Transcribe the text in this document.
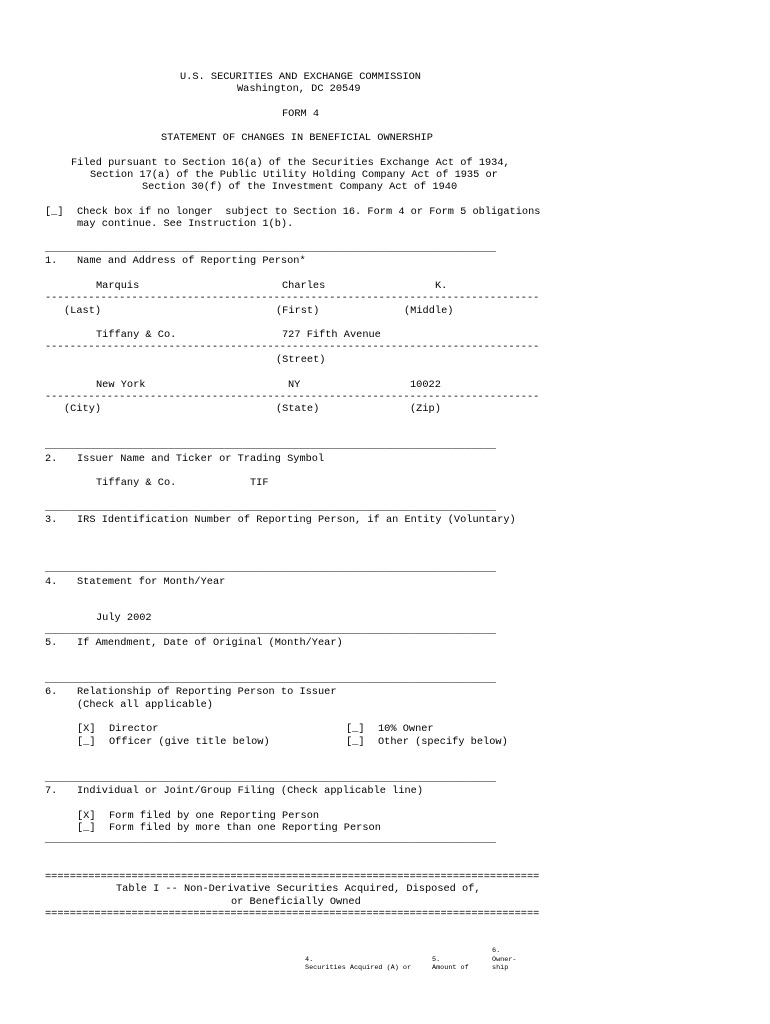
U.S. SECURITIES AND EXCHANGE COMMISSION
Washington, DC 20549
FORM 4
STATEMENT OF CHANGES IN BENEFICIAL OWNERSHIP
Filed pursuant to Section 16(a) of the Securities Exchange Act of 1934,
Section 17(a) of the Public Utility Holding Company Act of 1935 or
Section 30(f) of the Investment Company Act of 1940
[_] Check box if no longer  subject to Section 16. Form 4 or Form 5 obligations
may continue. See Instruction 1(b).
_________________________________________________________________________
1. Name and Address of Reporting Person*
Marquis	Charles	K.
--------------------------------------------------------------------------------
(Last)	(First)	(Middle)
Tiffany & Co.	727 Fifth Avenue
--------------------------------------------------------------------------------
(Street)
New York	NY	10022
--------------------------------------------------------------------------------
(City)	(State)	(Zip)
_________________________________________________________________________
2. Issuer Name and Ticker or Trading Symbol
Tiffany & Co.	TIF
_________________________________________________________________________
3. IRS Identification Number of Reporting Person, if an Entity (Voluntary)
_________________________________________________________________________
4. Statement for Month/Year
July 2002
_________________________________________________________________________
5. If Amendment, Date of Original (Month/Year)
_________________________________________________________________________
6. Relationship of Reporting Person to Issuer
(Check all applicable)
[X] Director	[_] 10% Owner
[_] Officer (give title below)	[_] Other (specify below)
_________________________________________________________________________
7. Individual or Joint/Group Filing (Check applicable line)
[X] Form filed by one Reporting Person
[_] Form filed by more than one Reporting Person
_________________________________________________________________________
================================================================================
Table I -- Non-Derivative Securities Acquired, Disposed of,
or Beneficially Owned
================================================================================
6.
4.	5.	Owner-
Securities Acquired (A) or	Amount of	ship
